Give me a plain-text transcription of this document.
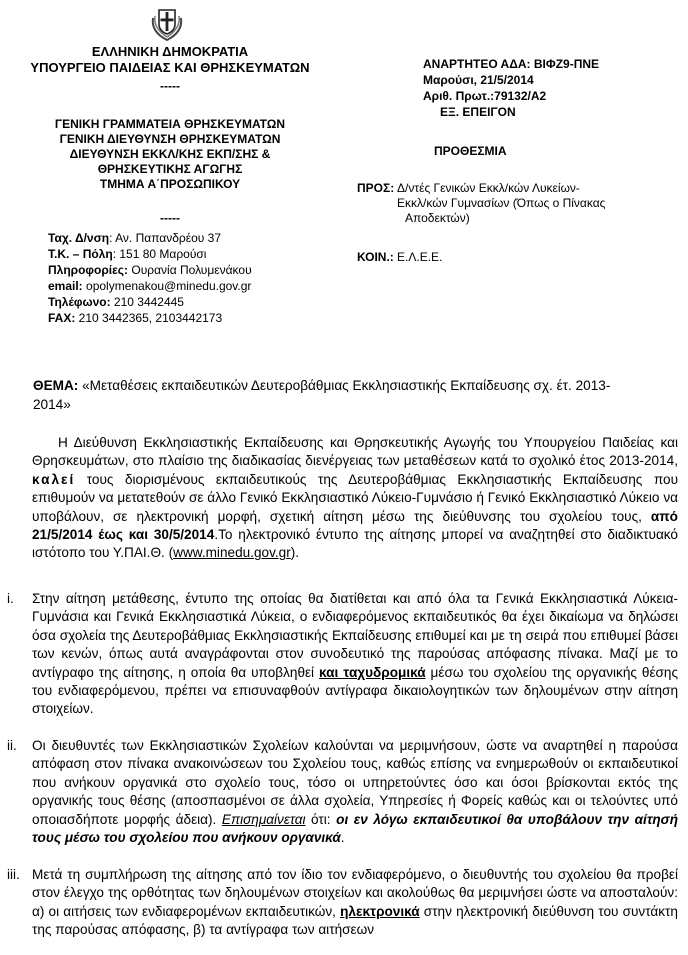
ΕΛΛΗΝΙΚΗ ΔΗΜΟΚΡΑΤΙΑ
ΥΠΟΥΡΓΕΙΟ ΠΑΙΔΕΙΑΣ ΚΑΙ ΘΡΗΣΚΕΥΜΑΤΩΝ
-----
ΓΕΝΙΚΗ ΓΡΑΜΜΑΤΕΙΑ ΘΡΗΣΚΕΥΜΑΤΩΝ
ΓΕΝΙΚΗ ΔΙΕΥΘΥΝΣΗ ΘΡΗΣΚΕΥΜΑΤΩΝ
ΔΙΕΥΘΥΝΣΗ ΕΚΚΛ/ΚΗΣ ΕΚΠ/ΣΗΣ &
ΘΡΗΣΚΕΥΤΙΚΗΣ ΑΓΩΓΗΣ
ΤΜΗΜΑ Α΄ΠΡΟΣΩΠΙΚΟΥ
-----
Ταχ. Δ/νση: Αν. Παπανδρέου 37
Τ.Κ. – Πόλη: 151 80 Μαρούσι
Πληροφορίες: Ουρανία Πολυμενάκου
email: opolymenakou@minedu.gov.gr
Τηλέφωνο: 210 3442445
FAX: 210 3442365, 2103442173
ΑΝΑΡΤΗΤΕΟ ΑΔΑ: ΒΙΦΖ9-ΠΝΕ
Μαρούσι, 21/5/2014
Αριθ. Πρωτ.:79132/Α2
ΕΞ. ΕΠΕΙΓΟΝ
ΠΡΟΘΕΣΜΙΑ
ΠΡΟΣ: Δ/ντές Γενικών Εκκλ/κών Λυκείων-
Εκκλ/κών Γυμνασίων (Όπως ο Πίνακας
Αποδεκτών)
ΚΟΙΝ.: Ε.Λ.Ε.Ε.
ΘΕΜΑ: «Μεταθέσεις εκπαιδευτικών Δευτεροβάθμιας Εκκλησιαστικής Εκπαίδευσης σχ. έτ. 2013-
2014»
Η Διεύθυνση Εκκλησιαστικής Εκπαίδευσης και Θρησκευτικής Αγωγής του Υπουργείου Παιδείας και Θρησκευμάτων, στο πλαίσιο της διαδικασίας διενέργειας των μεταθέσεων κατά το σχολικό έτος 2013-2014, καλεί τους διορισμένους εκπαιδευτικούς της Δευτεροβάθμιας Εκκλησιαστικής Εκπαίδευσης που επιθυμούν να μετατεθούν σε άλλο Γενικό Εκκλησιαστικό Λύκειο-Γυμνάσιο ή Γενικό Εκκλησιαστικό Λύκειο να υποβάλουν, σε ηλεκτρονική μορφή, σχετική αίτηση μέσω της διεύθυνσης του σχολείου τους, από 21/5/2014 έως και 30/5/2014.Το ηλεκτρονικό έντυπο της αίτησης μπορεί να αναζητηθεί στο διαδικτυακό ιστότοπο του Υ.ΠΑΙ.Θ. (www.minedu.gov.gr).
i. Στην αίτηση μετάθεσης, έντυπο της οποίας θα διατίθεται και από όλα τα Γενικά Εκκλησιαστικά Λύκεια-Γυμνάσια και Γενικά Εκκλησιαστικά Λύκεια, ο ενδιαφερόμενος εκπαιδευτικός θα έχει δικαίωμα να δηλώσει όσα σχολεία της Δευτεροβάθμιας Εκκλησιαστικής Εκπαίδευσης επιθυμεί και με τη σειρά που επιθυμεί βάσει των κενών, όπως αυτά αναγράφονται στον συνοδευτικό της παρούσας απόφασης πίνακα. Μαζί με το αντίγραφο της αίτησης, η οποία θα υποβληθεί και ταχυδρομικά μέσω του σχολείου της οργανικής θέσης του ενδιαφερόμενου, πρέπει να επισυναφθούν αντίγραφα δικαιολογητικών των δηλουμένων στην αίτηση στοιχείων.
ii. Οι διευθυντές των Εκκλησιαστικών Σχολείων καλούνται να μεριμνήσουν, ώστε να αναρτηθεί η παρούσα απόφαση στον πίνακα ανακοινώσεων του Σχολείου τους, καθώς επίσης να ενημερωθούν οι εκπαιδευτικοί που ανήκουν οργανικά στο σχολείο τους, τόσο οι υπηρετούντες όσο και όσοι βρίσκονται εκτός της οργανικής τους θέσης (αποσπασμένοι σε άλλα σχολεία, Υπηρεσίες ή Φορείς καθώς και οι τελούντες υπό οποιασδήποτε μορφής άδεια). Επισημαίνεται ότι: οι εν λόγω εκπαιδευτικοί θα υποβάλουν την αίτησή τους μέσω του σχολείου που ανήκουν οργανικά.
iii. Μετά τη συμπλήρωση της αίτησης από τον ίδιο τον ενδιαφερόμενο, ο διευθυντής του σχολείου θα προβεί στον έλεγχο της ορθότητας των δηλουμένων στοιχείων και ακολούθως θα μεριμνήσει ώστε να αποσταλούν: α) οι αιτήσεις των ενδιαφερομένων εκπαιδευτικών, ηλεκτρονικά στην ηλεκτρονική διεύθυνση του συντάκτη της παρούσας απόφασης, β) τα αντίγραφα των αιτήσεων
